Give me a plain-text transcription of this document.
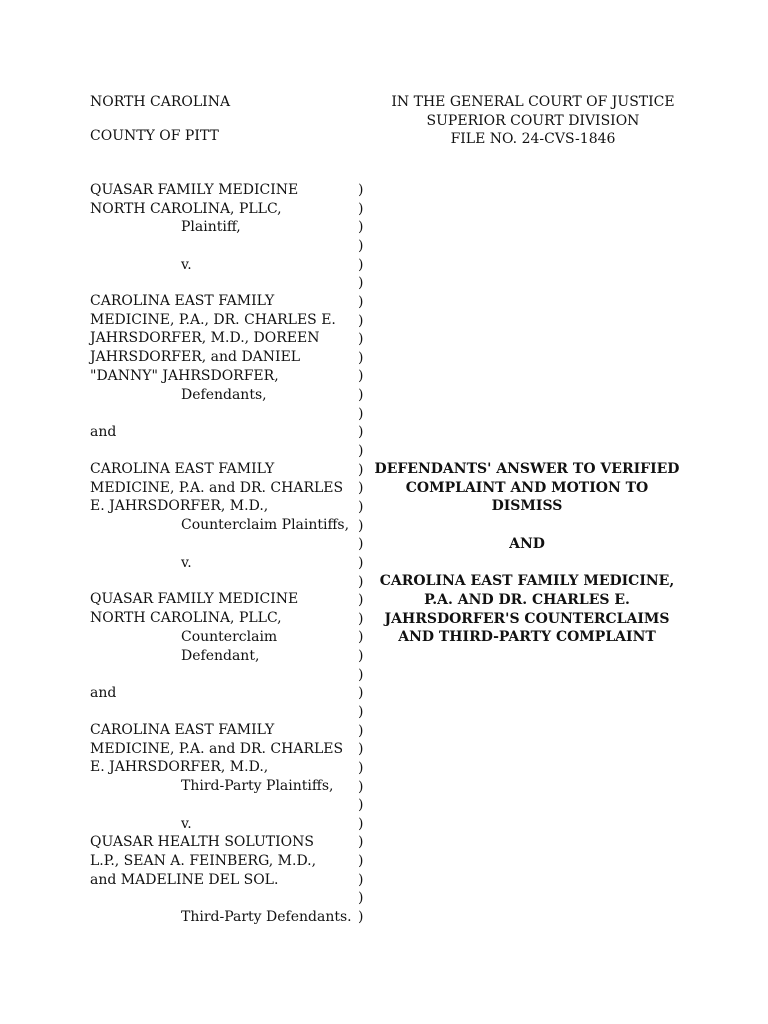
NORTH CAROLINA
COUNTY OF PITT
IN THE GENERAL COURT OF JUSTICE
SUPERIOR COURT DIVISION
FILE NO. 24-CVS-1846
QUASAR FAMILY MEDICINE
NORTH CAROLINA, PLLC,
Plaintiff,
v.
CAROLINA EAST FAMILY
MEDICINE, P.A., DR. CHARLES E.
JAHRSDORFER, M.D., DOREEN
JAHRSDORFER, and DANIEL
"DANNY" JAHRSDORFER,
Defendants,
and
CAROLINA EAST FAMILY
MEDICINE, P.A. and DR. CHARLES
E. JAHRSDORFER, M.D.,
Counterclaim Plaintiffs,
v.
QUASAR FAMILY MEDICINE
NORTH CAROLINA, PLLC,
Counterclaim
Defendant,
and
CAROLINA EAST FAMILY
MEDICINE, P.A. and DR. CHARLES
E. JAHRSDORFER, M.D.,
Third-Party Plaintiffs,
v.
QUASAR HEALTH SOLUTIONS
L.P., SEAN A. FEINBERG, M.D.,
and MADELINE DEL SOL.
Third-Party Defendants.
)
)
)
)
)
)
)
)
)
)
)
)
)
)
)
)
)
)
)
)
)
)
)
)
)
)
)
)
)
)
)
)
)
)
)
)
)
)
)
)
DEFENDANTS' ANSWER TO VERIFIED
COMPLAINT AND MOTION TO
DISMISS
AND
CAROLINA EAST FAMILY MEDICINE,
P.A. AND DR. CHARLES E.
JAHRSDORFER'S COUNTERCLAIMS
AND THIRD-PARTY COMPLAINT
